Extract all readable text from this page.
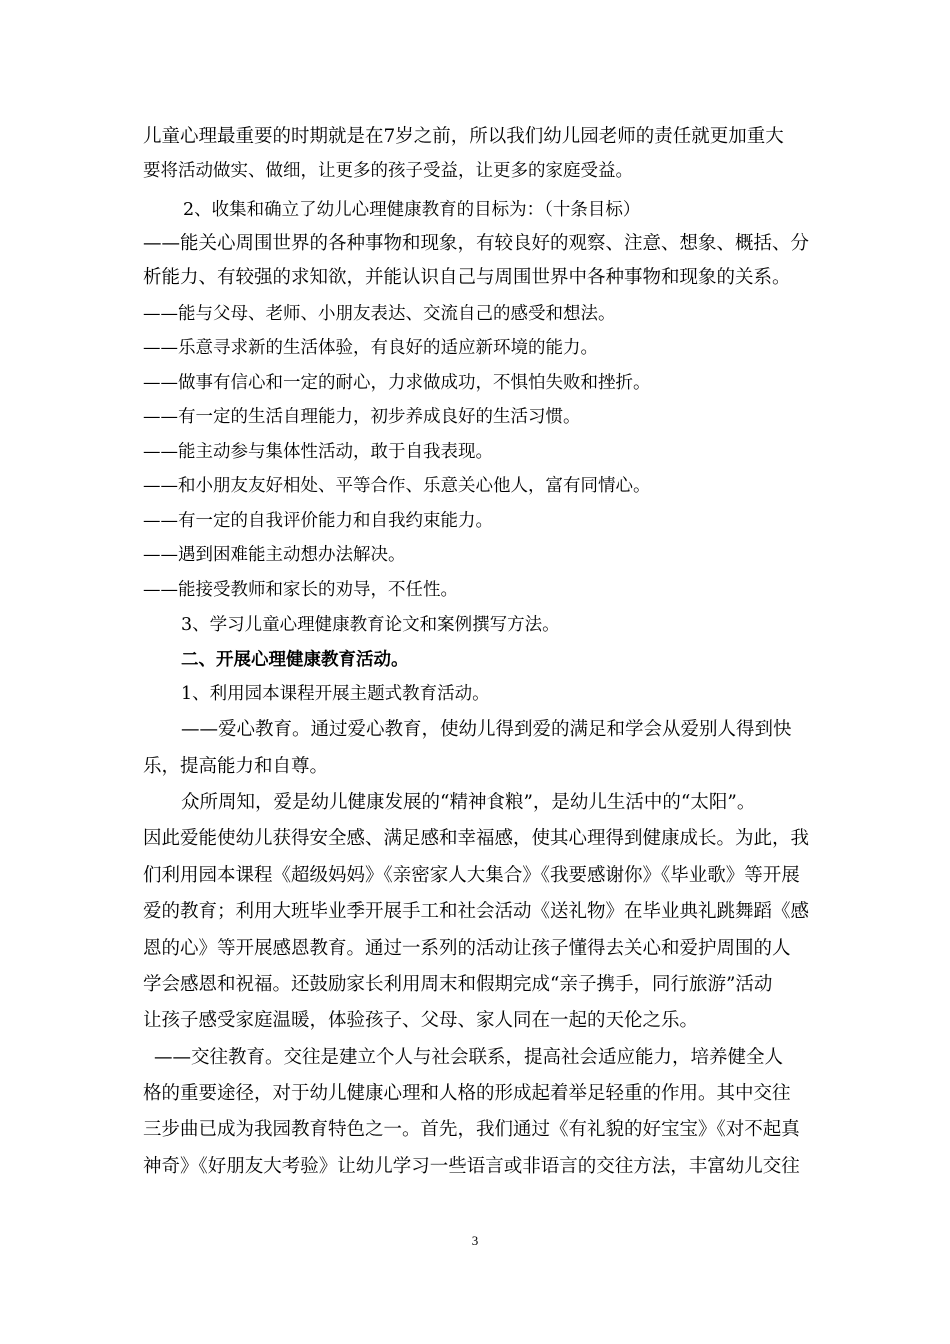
儿童心理最重要的时期就是在7岁之前，所以我们幼儿园老师的责任就更加重大
要将活动做实、做细，让更多的孩子受益，让更多的家庭受益。
2、收集和确立了幼儿心理健康教育的目标为：（十条目标）
——能关心周围世界的各种事物和现象，有较良好的观察、注意、想象、概括、分
析能力、有较强的求知欲，并能认识自己与周围世界中各种事物和现象的关系。
——能与父母、老师、小朋友表达、交流自己的感受和想法。
——乐意寻求新的生活体验，有良好的适应新环境的能力。
——做事有信心和一定的耐心，力求做成功，不惧怕失败和挫折。
——有一定的生活自理能力，初步养成良好的生活习惯。
——能主动参与集体性活动，敢于自我表现。
——和小朋友友好相处、平等合作、乐意关心他人，富有同情心。
——有一定的自我评价能力和自我约束能力。
——遇到困难能主动想办法解决。
——能接受教师和家长的劝导，不任性。
3、学习儿童心理健康教育论文和案例撰写方法。
二、开展心理健康教育活动。
1、利用园本课程开展主题式教育活动。
——爱心教育。通过爱心教育，使幼儿得到爱的满足和学会从爱别人得到快
乐，提高能力和自尊。
众所周知，爱是幼儿健康发展的“精神食粮”，是幼儿生活中的“太阳”。
因此爱能使幼儿获得安全感、满足感和幸福感，使其心理得到健康成长。为此，我
们利用园本课程《超级妈妈》《亲密家人大集合》《我要感谢你》《毕业歌》等开展
爱的教育；利用大班毕业季开展手工和社会活动《送礼物》在毕业典礼跳舞蹈《感
恩的心》等开展感恩教育。通过一系列的活动让孩子懂得去关心和爱护周围的人
学会感恩和祝福。还鼓励家长利用周末和假期完成“亲子携手，同行旅游”活动
让孩子感受家庭温暖，体验孩子、父母、家人同在一起的天伦之乐。
——交往教育。交往是建立个人与社会联系，提高社会适应能力，培养健全人
格的重要途径，对于幼儿健康心理和人格的形成起着举足轻重的作用。其中交往
三步曲已成为我园教育特色之一。首先，我们通过《有礼貌的好宝宝》《对不起真
神奇》《好朋友大考验》让幼儿学习一些语言或非语言的交往方法，丰富幼儿交往
3
